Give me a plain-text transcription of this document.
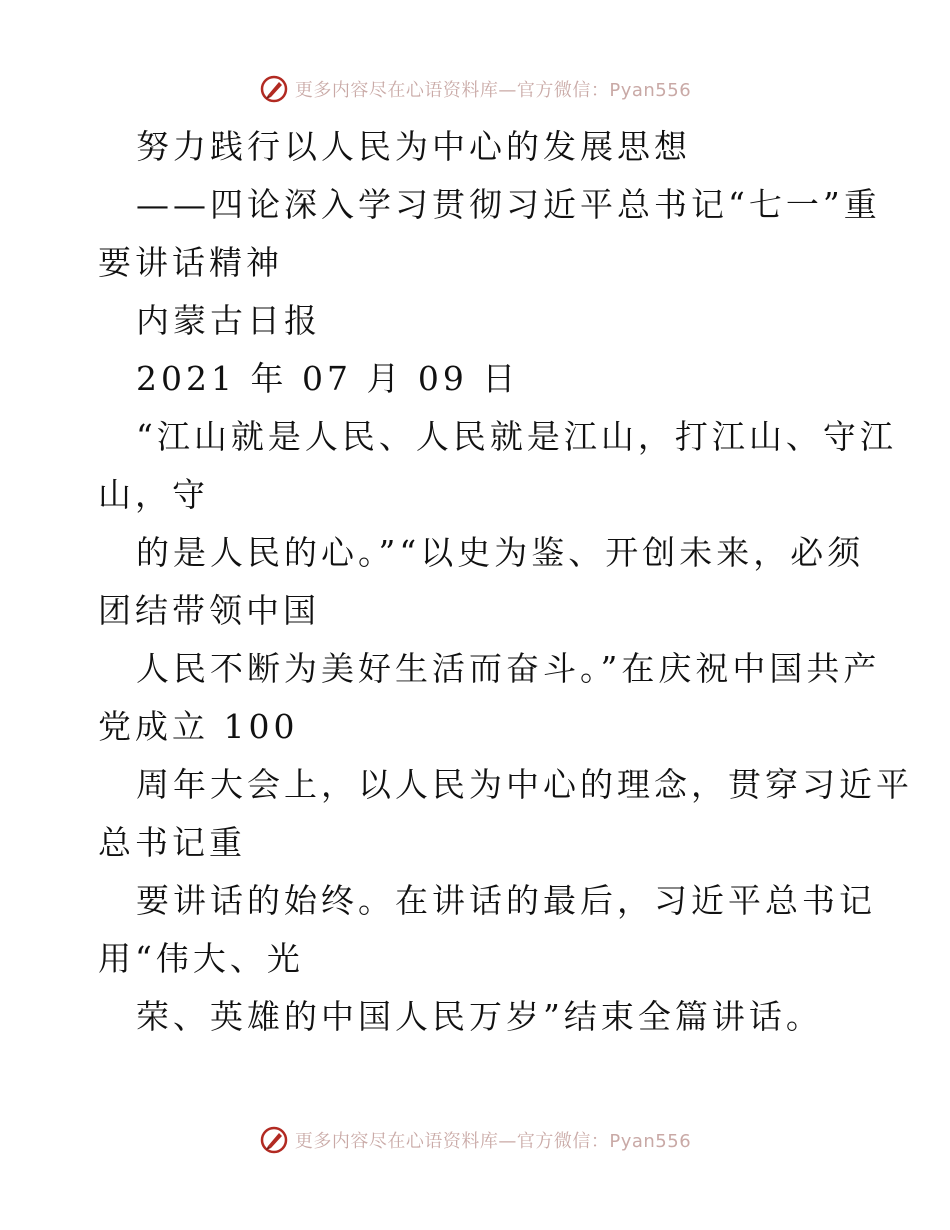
更多内容尽在心语资料库—官方微信：Pyan556
努力践行以人民为中心的发展思想
——四论深入学习贯彻习近平总书记“七一”重
要讲话精神
内蒙古日报
2021 年 07 月 09 日
“江山就是人民、人民就是江山，打江山、守江
山，守
的是人民的心。”“以史为鉴、开创未来，必须
团结带领中国
人民不断为美好生活而奋斗。”在庆祝中国共产
党成立 100
周年大会上，以人民为中心的理念，贯穿习近平
总书记重
要讲话的始终。在讲话的最后，习近平总书记
用“伟大、光
荣、英雄的中国人民万岁”结束全篇讲话。
更多内容尽在心语资料库—官方微信：Pyan556
